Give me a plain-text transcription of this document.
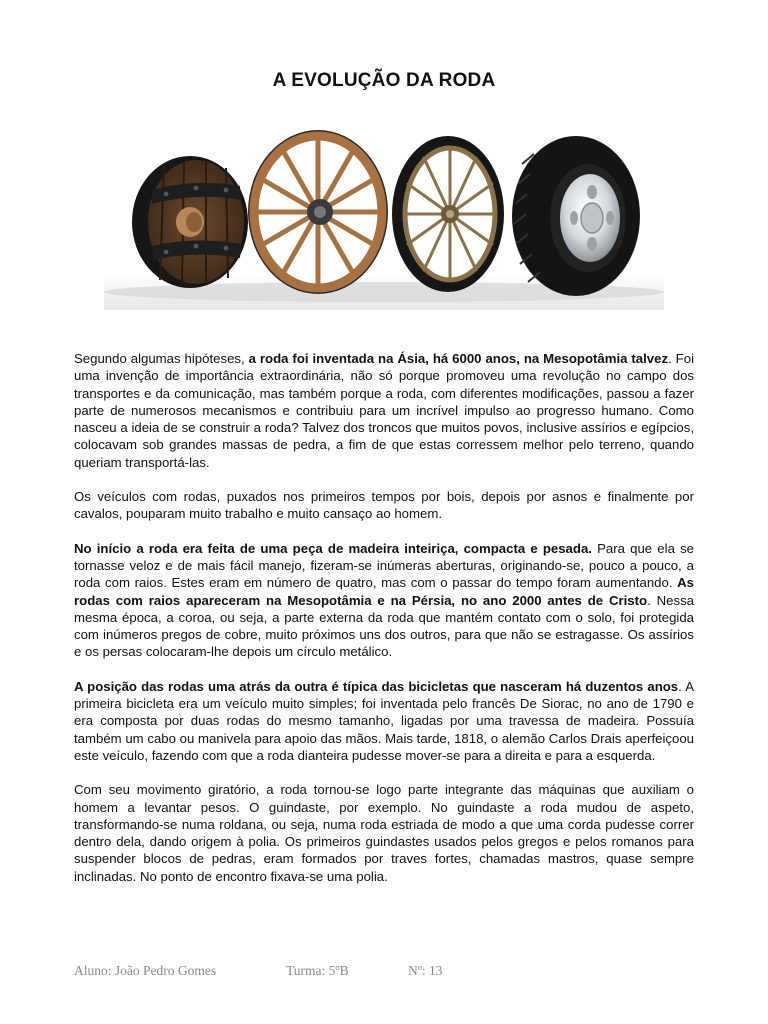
A EVOLUÇÃO DA RODA

Segundo algumas hipóteses, a roda foi inventada na Ásia, há 6000 anos, na Mesopotâmia talvez. Foi uma invenção de importância extraordinária, não só porque promoveu uma revolução no campo dos transportes e da comunicação, mas também porque a roda, com diferentes modificações, passou a fazer parte de numerosos mecanismos e contribuiu para um incrível impulso ao progresso humano. Como nasceu a ideia de se construir a roda? Talvez dos troncos que muitos povos, inclusive assírios e egípcios, colocavam sob grandes massas de pedra, a fim de que estas corressem melhor pelo terreno, quando queriam transportá-las.

Os veículos com rodas, puxados nos primeiros tempos por bois, depois por asnos e finalmente por cavalos, pouparam muito trabalho e muito cansaço ao homem.

No início a roda era feita de uma peça de madeira inteiriça, compacta e pesada. Para que ela se tornasse veloz e de mais fácil manejo, fizeram-se inúmeras aberturas, originando-se, pouco a pouco, a roda com raios. Estes eram em número de quatro, mas com o passar do tempo foram aumentando. As rodas com raios apareceram na Mesopotâmia e na Pérsia, no ano 2000 antes de Cristo. Nessa mesma época, a coroa, ou seja, a parte externa da roda que mantém contato com o solo, foi protegida com inúmeros pregos de cobre, muito próximos uns dos outros, para que não se estragasse. Os assírios e os persas colocaram-lhe depois um círculo metálico.

A posição das rodas uma atrás da outra é típica das bicicletas que nasceram há duzentos anos. A primeira bicicleta era um veículo muito simples; foi inventada pelo francês De Siorac, no ano de 1790 e era composta por duas rodas do mesmo tamanho, ligadas por uma travessa de madeira. Possuía também um cabo ou manivela para apoio das mãos. Mais tarde, 1818, o alemão Carlos Drais aperfeiçoou este veículo, fazendo com que a roda dianteira pudesse mover-se para a direita e para a esquerda.

Com seu movimento giratório, a roda tornou-se logo parte integrante das máquinas que auxiliam o homem a levantar pesos. O guindaste, por exemplo. No guindaste a roda mudou de aspeto, transformando-se numa roldana, ou seja, numa roda estriada de modo a que uma corda pudesse correr dentro dela, dando origem à polia. Os primeiros guindastes usados pelos gregos e pelos romanos para suspender blocos de pedras, eram formados por traves fortes, chamadas mastros, quase sempre inclinadas. No ponto de encontro fixava-se uma polia.

Aluno: João Pedro Gomes	Turma: 5ºB	Nº: 13
